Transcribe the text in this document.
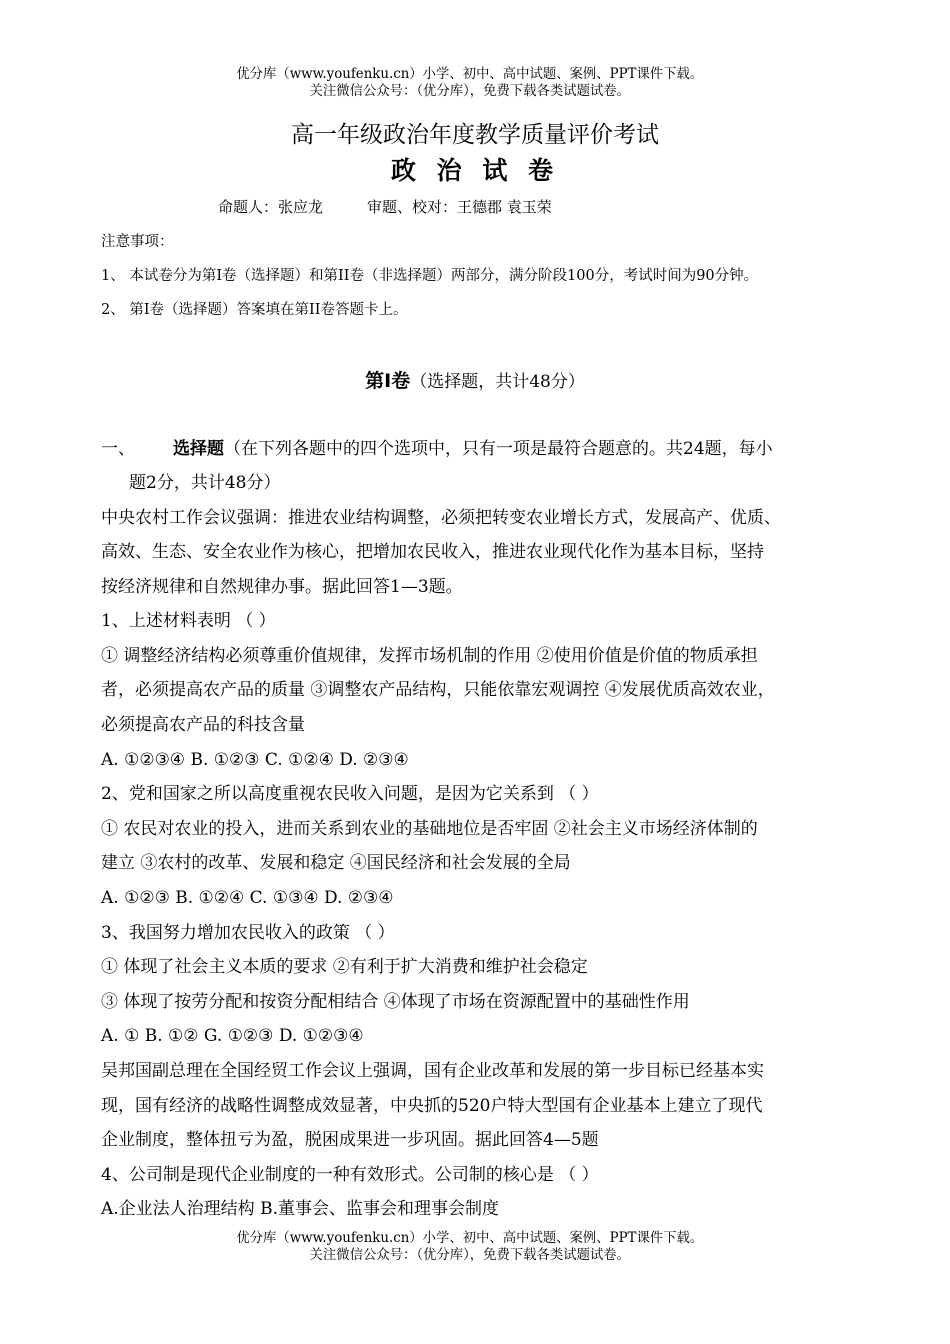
优分库（www.youfenku.cn）小学、初中、高中试题、案例、PPT课件下载。
关注微信公众号：（优分库），免费下载各类试题试卷。
高一年级政治年度教学质量评价考试
政 治 试 卷
命题人：张应龙	审题、校对：王德郡 袁玉荣
注意事项：
1、 本试卷分为第Ⅰ卷（选择题）和第II卷（非选择题）两部分，满分阶段100分，考试时间为90分钟。
2、 第Ⅰ卷（选择题）答案填在第II卷答题卡上。
第Ⅰ卷（选择题，共计48分）
一、 选择题（在下列各题中的四个选项中，只有一项是最符合题意的。共24题，每小
题2分，共计48分）
中央农村工作会议强调：推进农业结构调整，必须把转变农业增长方式，发展高产、优质、
高效、生态、安全农业作为核心，把增加农民收入，推进农业现代化作为基本目标，坚持
按经济规律和自然规律办事。据此回答1—3题。
1、上述材料表明 （ ）
① 调整经济结构必须尊重价值规律，发挥市场机制的作用 ②使用价值是价值的物质承担
者，必须提高农产品的质量 ③调整农产品结构，只能依靠宏观调控 ④发展优质高效农业，
必须提高农产品的科技含量
A. ①②③④ B. ①②③ C. ①②④ D. ②③④
2、党和国家之所以高度重视农民收入问题，是因为它关系到 （ ）
① 农民对农业的投入，进而关系到农业的基础地位是否牢固 ②社会主义市场经济体制的
建立 ③农村的改革、发展和稳定 ④国民经济和社会发展的全局
A. ①②③ B. ①②④ C. ①③④ D. ②③④
3、我国努力增加农民收入的政策 （ ）
① 体现了社会主义本质的要求 ②有利于扩大消费和维护社会稳定
③ 体现了按劳分配和按资分配相结合 ④体现了市场在资源配置中的基础性作用
A. ① B. ①② G. ①②③ D. ①②③④
吴邦国副总理在全国经贸工作会议上强调，国有企业改革和发展的第一步目标已经基本实
现，国有经济的战略性调整成效显著，中央抓的520户特大型国有企业基本上建立了现代
企业制度，整体扭亏为盈，脱困成果进一步巩固。据此回答4—5题
4、公司制是现代企业制度的一种有效形式。公司制的核心是 （ ）
A.企业法人治理结构 B.董事会、监事会和理事会制度
优分库（www.youfenku.cn）小学、初中、高中试题、案例、PPT课件下载。
关注微信公众号：（优分库），免费下载各类试题试卷。
